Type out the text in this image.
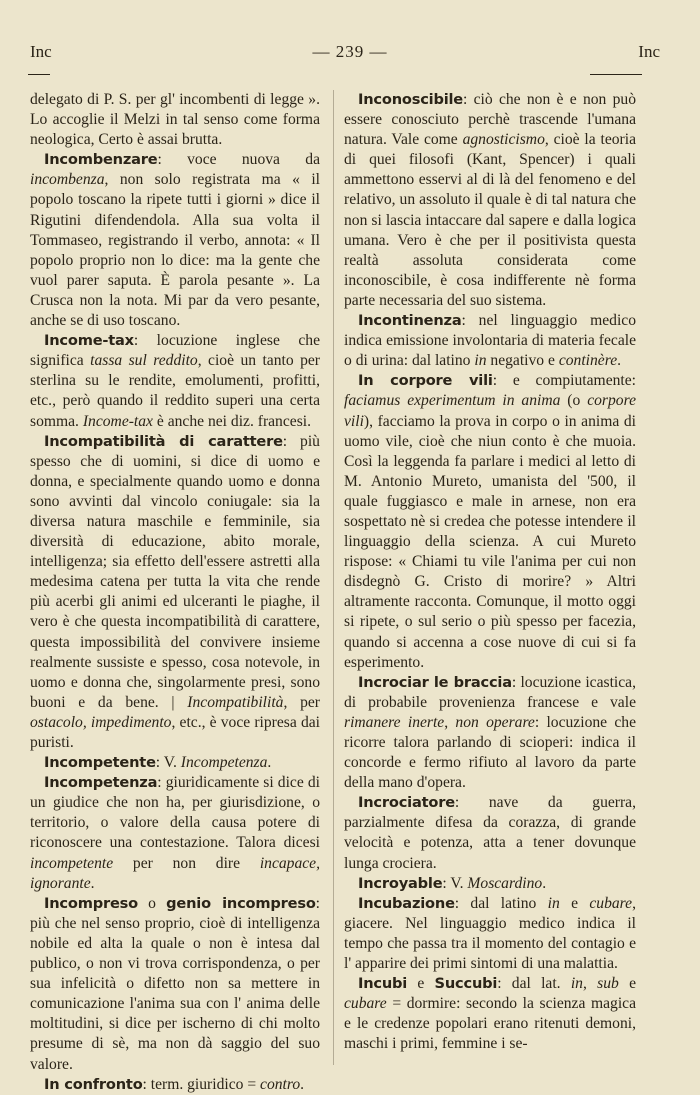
Inc	— 239 —	Inc

delegato di P. S. per gl' incombenti di legge ». Lo accoglie il Melzi in tal senso come forma neologica, Certo è assai brutta.

Incombenzare: voce nuova da incombenza, non solo registrata ma « il popolo toscano la ripete tutti i giorni » dice il Rigutini difendendola. Alla sua volta il Tommaseo, registrando il verbo, annota: « Il popolo proprio non lo dice: ma la gente che vuol parer saputa. È parola pesante ». La Crusca non la nota. Mi par da vero pesante, anche se di uso toscano.

Income-tax: locuzione inglese che significa tassa sul reddito, cioè un tanto per sterlina su le rendite, emolumenti, profitti, etc., però quando il reddito superi una certa somma. Income-tax è anche nei diz. francesi.

Incompatibilità di carattere: più spesso che di uomini, si dice di uomo e donna, e specialmente quando uomo e donna sono avvinti dal vincolo coniugale: sia la diversa natura maschile e femminile, sia diversità di educazione, abito morale, intelligenza; sia effetto dell'essere astretti alla medesima catena per tutta la vita che rende più acerbi gli animi ed ulceranti le piaghe, il vero è che questa incompatibilità di carattere, questa impossibilità del convivere insieme realmente sussiste e spesso, cosa notevole, in uomo e donna che, singolarmente presi, sono buoni e da bene. | Incompatibilità, per ostacolo, impedimento, etc., è voce ripresa dai puristi.

Incompetente: V. Incompetenza.

Incompetenza: giuridicamente si dice di un giudice che non ha, per giurisdizione, o territorio, o valore della causa potere di riconoscere una contestazione. Talora dicesi incompetente per non dire incapace, ignorante.

Incompreso o genio incompreso: più che nel senso proprio, cioè di intelligenza nobile ed alta la quale o non è intesa dal publico, o non vi trova corrispondenza, o per sua infelicità o difetto non sa mettere in comunicazione l'anima sua con l' anima delle moltitudini, si dice per ischerno di chi molto presume di sè, ma non dà saggio del suo valore.

In confronto: term. giuridico = contro.

Inconoscibile: ciò che non è e non può essere conosciuto perchè trascende l'umana natura. Vale come agnosticismo, cioè la teoria di quei filosofi (Kant, Spencer) i quali ammettono esservi al di là del fenomeno e del relativo, un assoluto il quale è di tal natura che non si lascia intaccare dal sapere e dalla logica umana. Vero è che per il positivista questa realtà assoluta considerata come inconoscibile, è cosa indifferente nè forma parte necessaria del suo sistema.

Incontinenza: nel linguaggio medico indica emissione involontaria di materia fecale o di urina: dal latino in negativo e continère.

In corpore vili: e compiutamente: faciamus experimentum in anima (o corpore vili), facciamo la prova in corpo o in anima di uomo vile, cioè che niun conto è che muoia. Così la leggenda fa parlare i medici al letto di M. Antonio Mureto, umanista del '500, il quale fuggiasco e male in arnese, non era sospettato nè si credea che potesse intendere il linguaggio della scienza. A cui Mureto rispose: « Chiami tu vile l'anima per cui non disdegnò G. Cristo di morire? » Altri altramente racconta. Comunque, il motto oggi si ripete, o sul serio o più spesso per facezia, quando si accenna a cose nuove di cui si fa esperimento.

Incrociar le braccia: locuzione icastica, di probabile provenienza francese e vale rimanere inerte, non operare: locuzione che ricorre talora parlando di scioperi: indica il concorde e fermo rifiuto al lavoro da parte della mano d'opera.

Incrociatore: nave da guerra, parzialmente difesa da corazza, di grande velocità e potenza, atta a tener dovunque lunga crociera.

Incroyable: V. Moscardino.

Incubazione: dal latino in e cubare, giacere. Nel linguaggio medico indica il tempo che passa tra il momento del contagio e l' apparire dei primi sintomi di una malattia.

Incubi e Succubi: dal lat. in, sub e cubare = dormire: secondo la scienza magica e le credenze popolari erano ritenuti demoni, maschi i primi, femmine i se-
